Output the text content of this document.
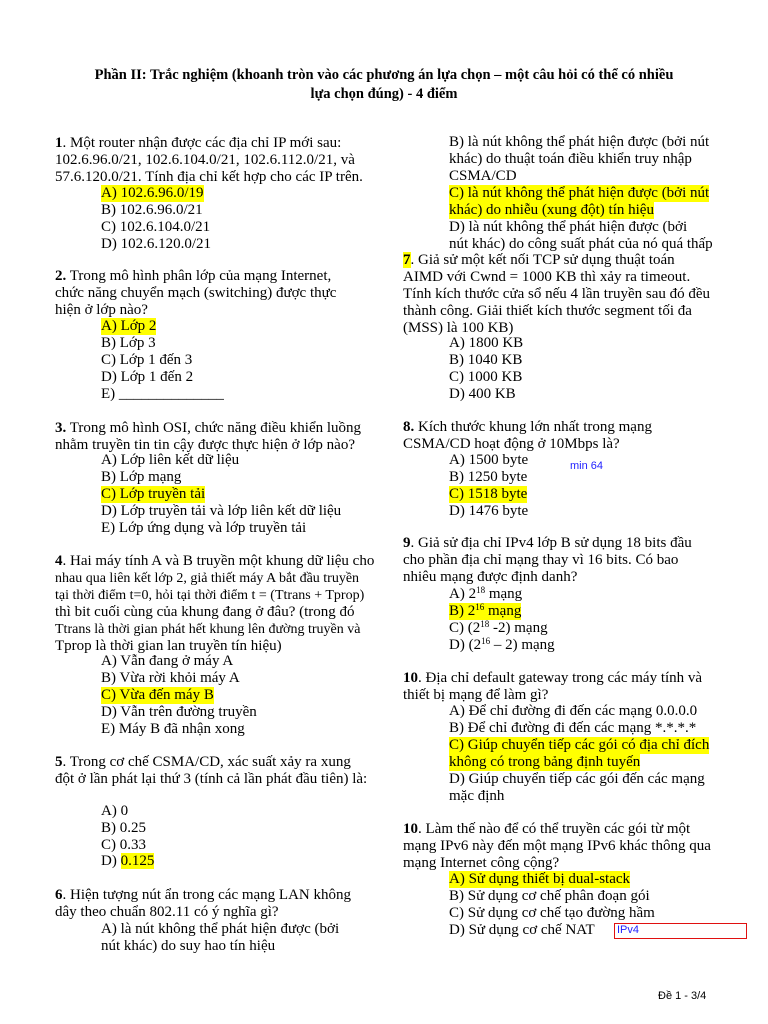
Phần II: Trắc nghiệm (khoanh tròn vào các phương án lựa chọn – một câu hỏi có thể có nhiều
lựa chọn đúng) - 4 điểm
1. Một router nhận được các địa chỉ IP mới sau:
102.6.96.0/21, 102.6.104.0/21, 102.6.112.0/21, và
57.6.120.0/21. Tính địa chỉ kết hợp cho các IP trên.
A) 102.6.96.0/19
B) 102.6.96.0/21
C) 102.6.104.0/21
D) 102.6.120.0/21
2. Trong mô hình phân lớp của mạng Internet,
chức năng chuyển mạch (switching) được thực
hiện ở lớp nào?
A) Lớp 2
B) Lớp 3
C) Lớp 1 đến 3
D) Lớp 1 đến 2
E) ______________
3. Trong mô hình OSI, chức năng điều khiển luồng
nhằm truyền tin tin cậy được thực hiện ở lớp nào?
A) Lớp liên kết dữ liệu
B) Lớp mạng
C) Lớp truyền tải
D) Lớp truyền tải và lớp liên kết dữ liệu
E) Lớp ứng dụng và lớp truyền tải
4. Hai máy tính A và B truyền một khung dữ liệu cho
nhau qua liên kết lớp 2, giả thiết máy A bắt đầu truyền
tại thời điểm t=0, hỏi tại thời điểm t = (Ttrans + Tprop)
thì bit cuối cùng của khung đang ở đâu? (trong đó
Ttrans là thời gian phát hết khung lên đường truyền và
Tprop là thời gian lan truyền tín hiệu)
A) Vẫn đang ở máy A
B) Vừa rời khỏi máy A
C) Vừa đến máy B
D) Vẫn trên đường truyền
E) Máy B đã nhận xong
5. Trong cơ chế CSMA/CD, xác suất xảy ra xung
đột ở lần phát lại thứ 3 (tính cả lần phát đầu tiên) là:
A) 0
B) 0.25
C) 0.33
D) 0.125
6. Hiện tượng nút ẩn trong các mạng LAN không
dây theo chuẩn 802.11 có ý nghĩa gì?
A) là nút không thể phát hiện được (bởi
nút khác) do suy hao tín hiệu
B) là nút không thể phát hiện được (bởi nút
khác) do thuật toán điều khiển truy nhập
CSMA/CD
C) là nút không thể phát hiện được (bởi nút
khác) do nhiễu (xung đột) tín hiệu
D) là nút không thể phát hiện được (bởi
nút khác) do công suất phát của nó quá thấp
7. Giả sử một kết nối TCP sử dụng thuật toán
AIMD với Cwnd = 1000 KB thì xảy ra timeout.
Tính kích thước cửa sổ nếu 4 lần truyền sau đó đều
thành công. Giải thiết kích thước segment tối đa
(MSS) là 100 KB)
A) 1800 KB
B) 1040 KB
C) 1000 KB
D) 400 KB
8. Kích thước khung lớn nhất trong mạng
CSMA/CD hoạt động ở 10Mbps là?
A) 1500 byte
B) 1250 byte
C) 1518 byte
D) 1476 byte
min 64
9. Giả sử địa chỉ IPv4 lớp B sử dụng 18 bits đầu
cho phần địa chỉ mạng thay vì 16 bits. Có bao
nhiêu mạng được định danh?
A) $2^{18}$ mạng
B) $2^{16}$ mạng
C) ($2^{18}$ -2) mạng
D) $(2^{16} - 2)$ mạng
10. Địa chỉ default gateway trong các máy tính và
thiết bị mạng để làm gì?
A) Để chỉ đường đi đến các mạng 0.0.0.0
B) Để chỉ đường đi đến các mạng *.*.*.*
C) Giúp chuyển tiếp các gói có địa chỉ đích
không có trong bảng định tuyến
D) Giúp chuyển tiếp các gói đến các mạng
mặc định
10. Làm thế nào để có thể truyền các gói từ một
mạng IPv6 này đến một mạng IPv6 khác thông qua
mạng Internet công cộng?
A) Sử dụng thiết bị dual-stack
B) Sử dụng cơ chế phân đoạn gói
C) Sử dụng cơ chế tạo đường hầm
D) Sử dụng cơ chế NAT IPv4
Đề 1 - 3/4
